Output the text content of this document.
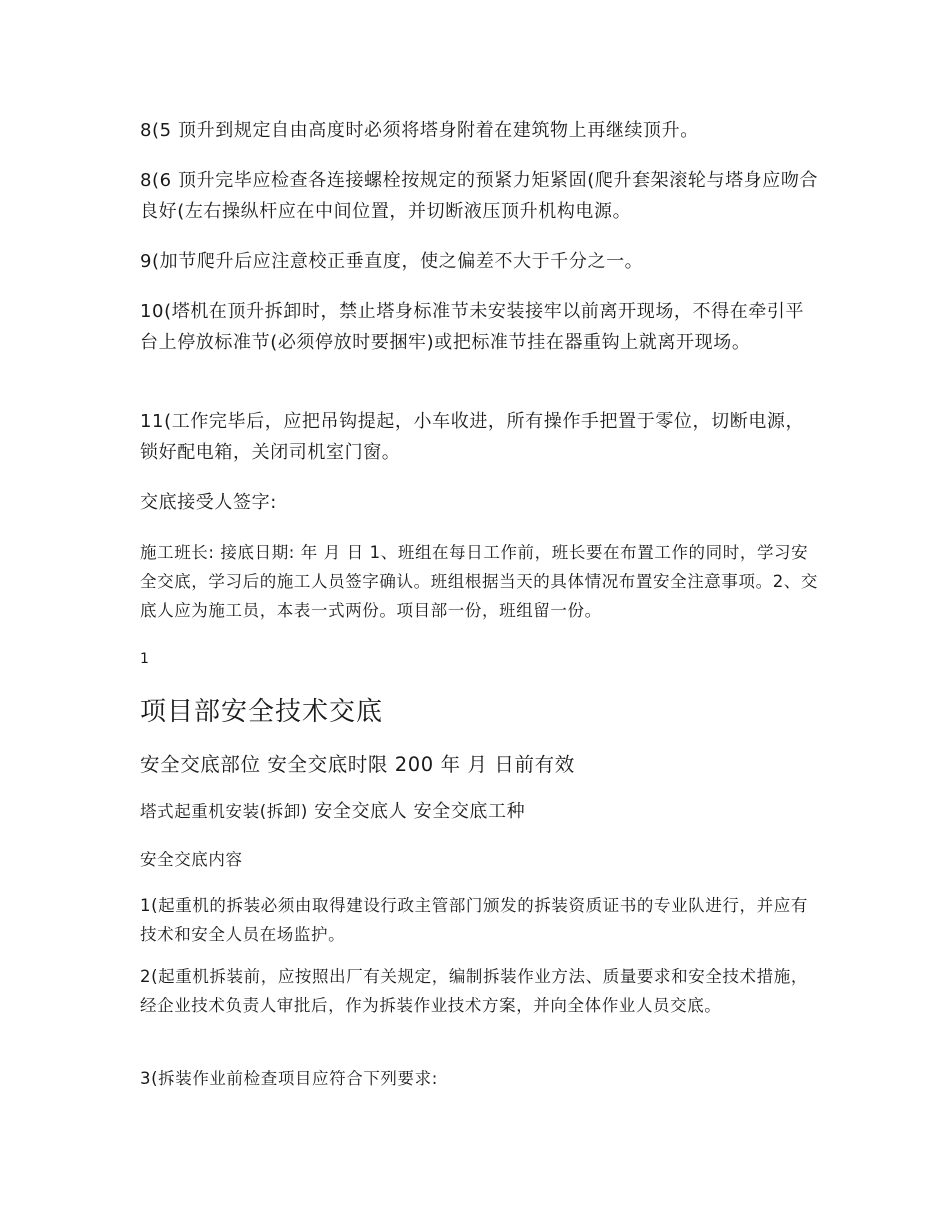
8(5 顶升到规定自由高度时必须将塔身附着在建筑物上再继续顶升。

8(6 顶升完毕应检查各连接螺栓按规定的预紧力矩紧固(爬升套架滚轮与塔身应吻合良好(左右操纵杆应在中间位置，并切断液压顶升机构电源。

9(加节爬升后应注意校正垂直度，使之偏差不大于千分之一。

10(塔机在顶升拆卸时，禁止塔身标准节未安装接牢以前离开现场，不得在牵引平台上停放标准节(必须停放时要捆牢)或把标准节挂在器重钩上就离开现场。

11(工作完毕后，应把吊钩提起，小车收进，所有操作手把置于零位，切断电源，锁好配电箱，关闭司机室门窗。

交底接受人签字:

施工班长: 接底日期: 年 月 日 1、班组在每日工作前，班长要在布置工作的同时，学习安全交底，学习后的施工人员签字确认。班组根据当天的具体情况布置安全注意事项。2、交底人应为施工员，本表一式两份。项目部一份，班组留一份。

1

项目部安全技术交底

安全交底部位 安全交底时限 200 年 月 日前有效

塔式起重机安装(拆卸) 安全交底人 安全交底工种

安全交底内容

1(起重机的拆装必须由取得建设行政主管部门颁发的拆装资质证书的专业队进行，并应有技术和安全人员在场监护。

2(起重机拆装前，应按照出厂有关规定，编制拆装作业方法、质量要求和安全技术措施，经企业技术负责人审批后，作为拆装作业技术方案，并向全体作业人员交底。

3(拆装作业前检查项目应符合下列要求:
